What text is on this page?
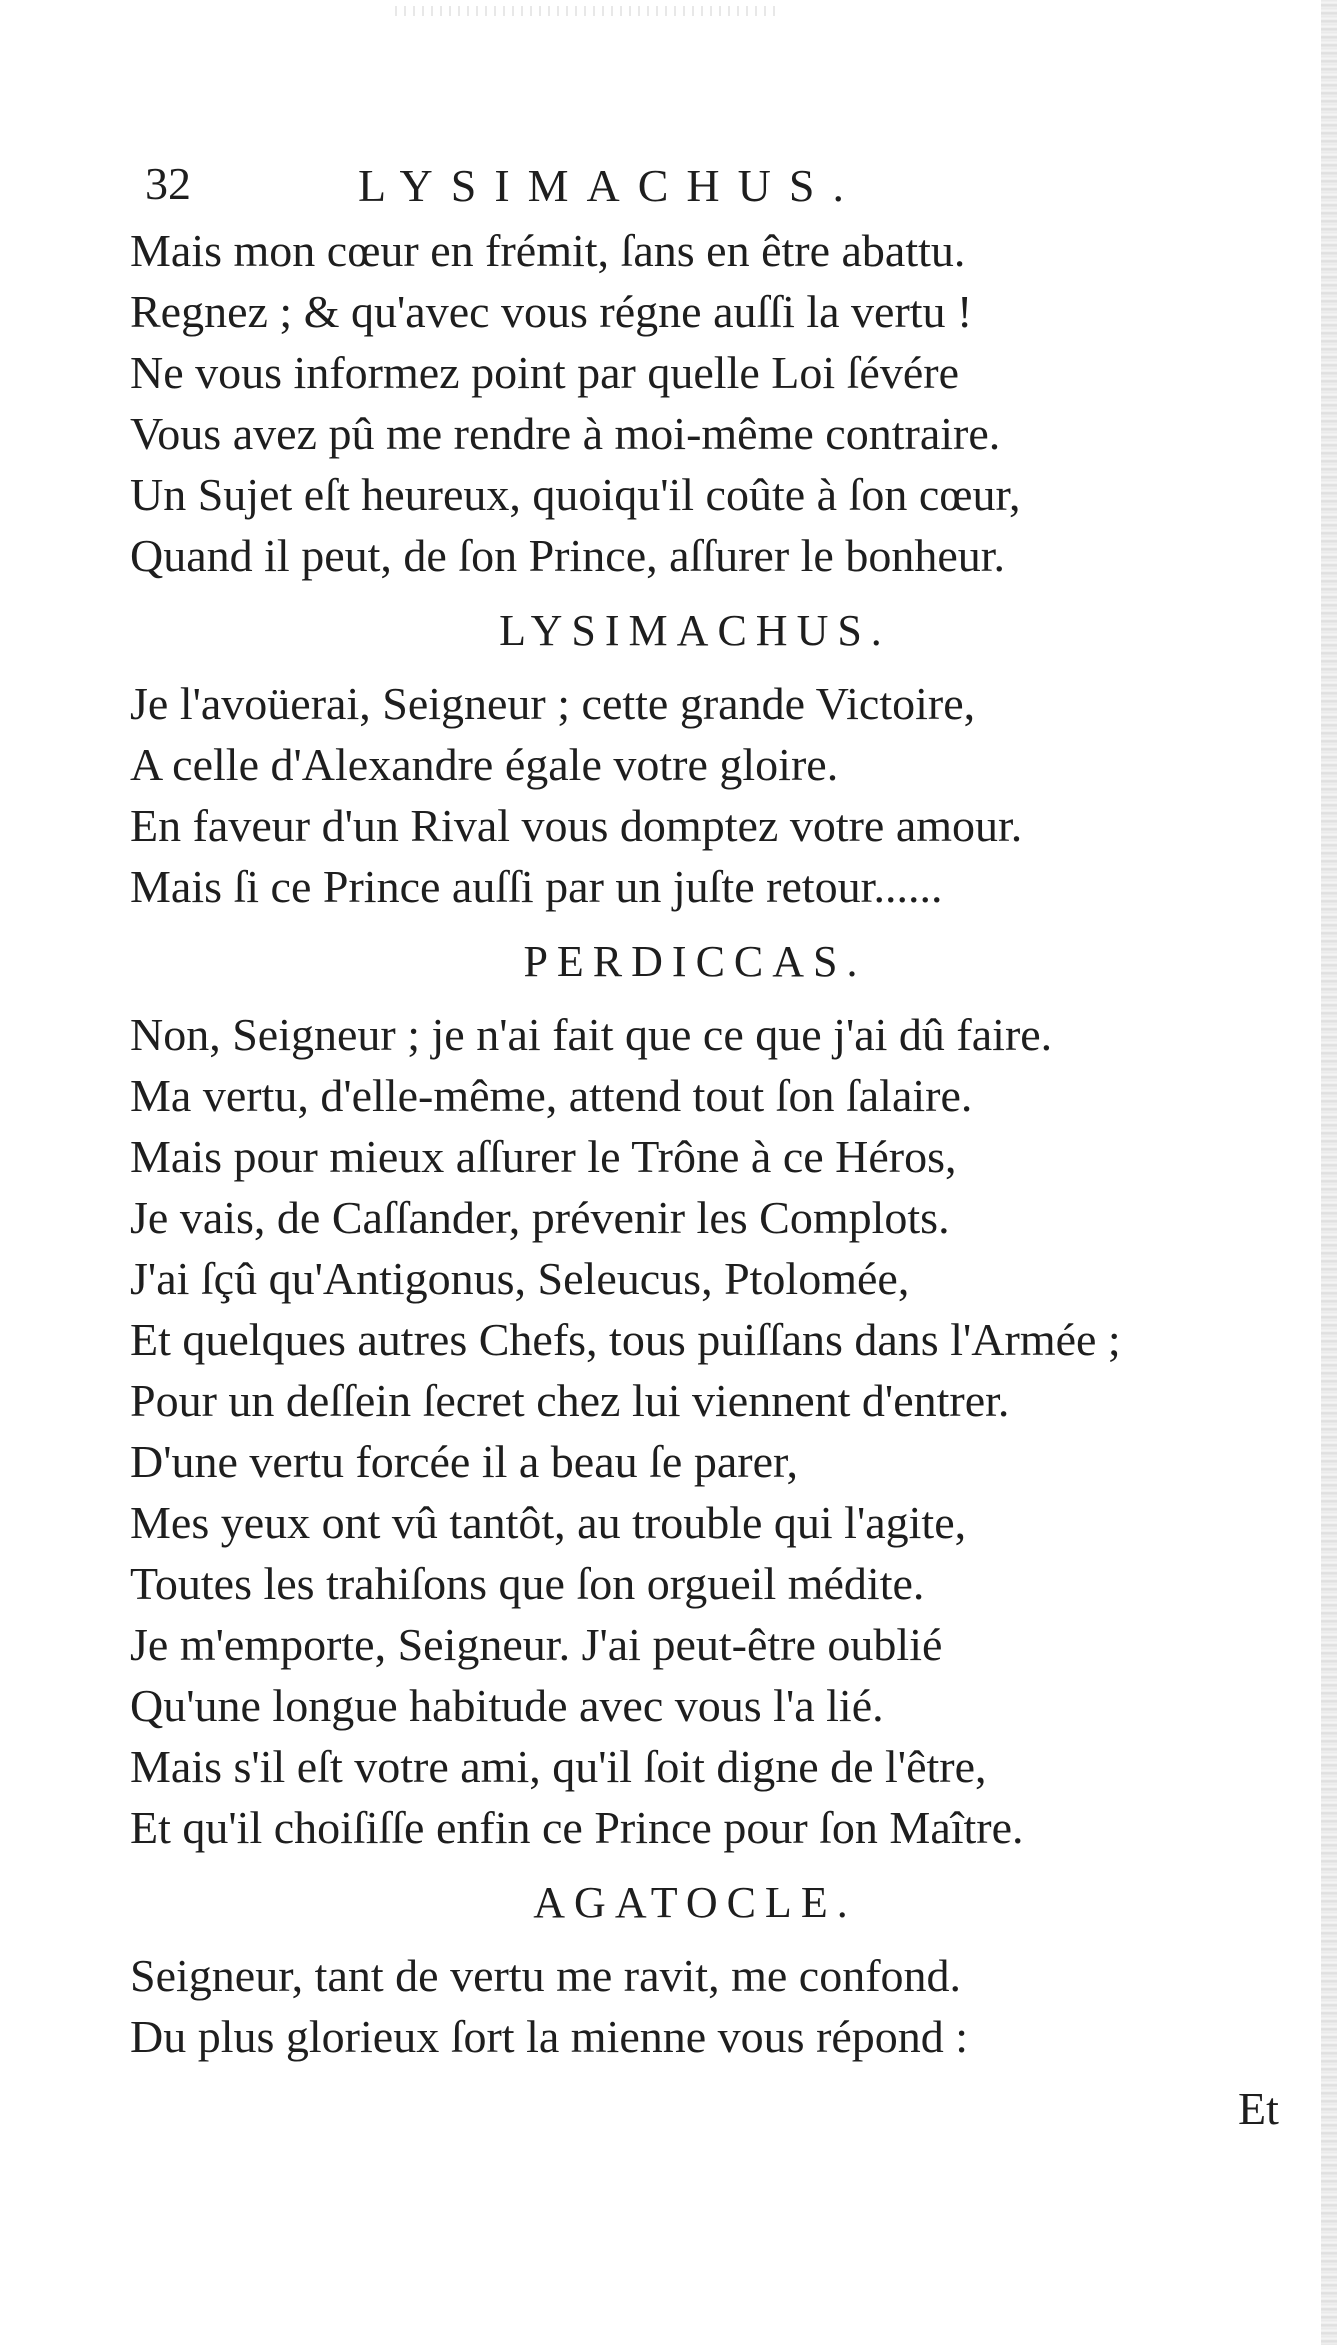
32	LYSIMACHUS.
Mais mon cœur en frémit, ſans en être abattu.
Regnez ; & qu'avec vous régne auſſi la vertu !
Ne vous informez point par quelle Loi ſévére
Vous avez pû me rendre à moi-même contraire.
Un Sujet eſt heureux, quoiqu'il coûte à ſon cœur,
Quand il peut, de ſon Prince, aſſurer le bonheur.
LYSIMACHUS.
Je l'avoüerai, Seigneur ; cette grande Victoire,
A celle d'Alexandre égale votre gloire.
En faveur d'un Rival vous domptez votre amour.
Mais ſi ce Prince auſſi par un juſte retour......
PERDICCAS.
Non, Seigneur ; je n'ai fait que ce que j'ai dû faire.
Ma vertu, d'elle-même, attend tout ſon ſalaire.
Mais pour mieux aſſurer le Trône à ce Héros,
Je vais, de Caſſander, prévenir les Complots.
J'ai ſçû qu'Antigonus, Seleucus, Ptolomée,
Et quelques autres Chefs, tous puiſſans dans l'Armée ;
Pour un deſſein ſecret chez lui viennent d'entrer.
D'une vertu forcée il a beau ſe parer,
Mes yeux ont vû tantôt, au trouble qui l'agite,
Toutes les trahiſons que ſon orgueil médite.
Je m'emporte, Seigneur. J'ai peut-être oublié
Qu'une longue habitude avec vous l'a lié.
Mais s'il eſt votre ami, qu'il ſoit digne de l'être,
Et qu'il choiſiſſe enfin ce Prince pour ſon Maître.
AGATOCLE.
Seigneur, tant de vertu me ravit, me confond.
Du plus glorieux ſort la mienne vous répond :
Et
